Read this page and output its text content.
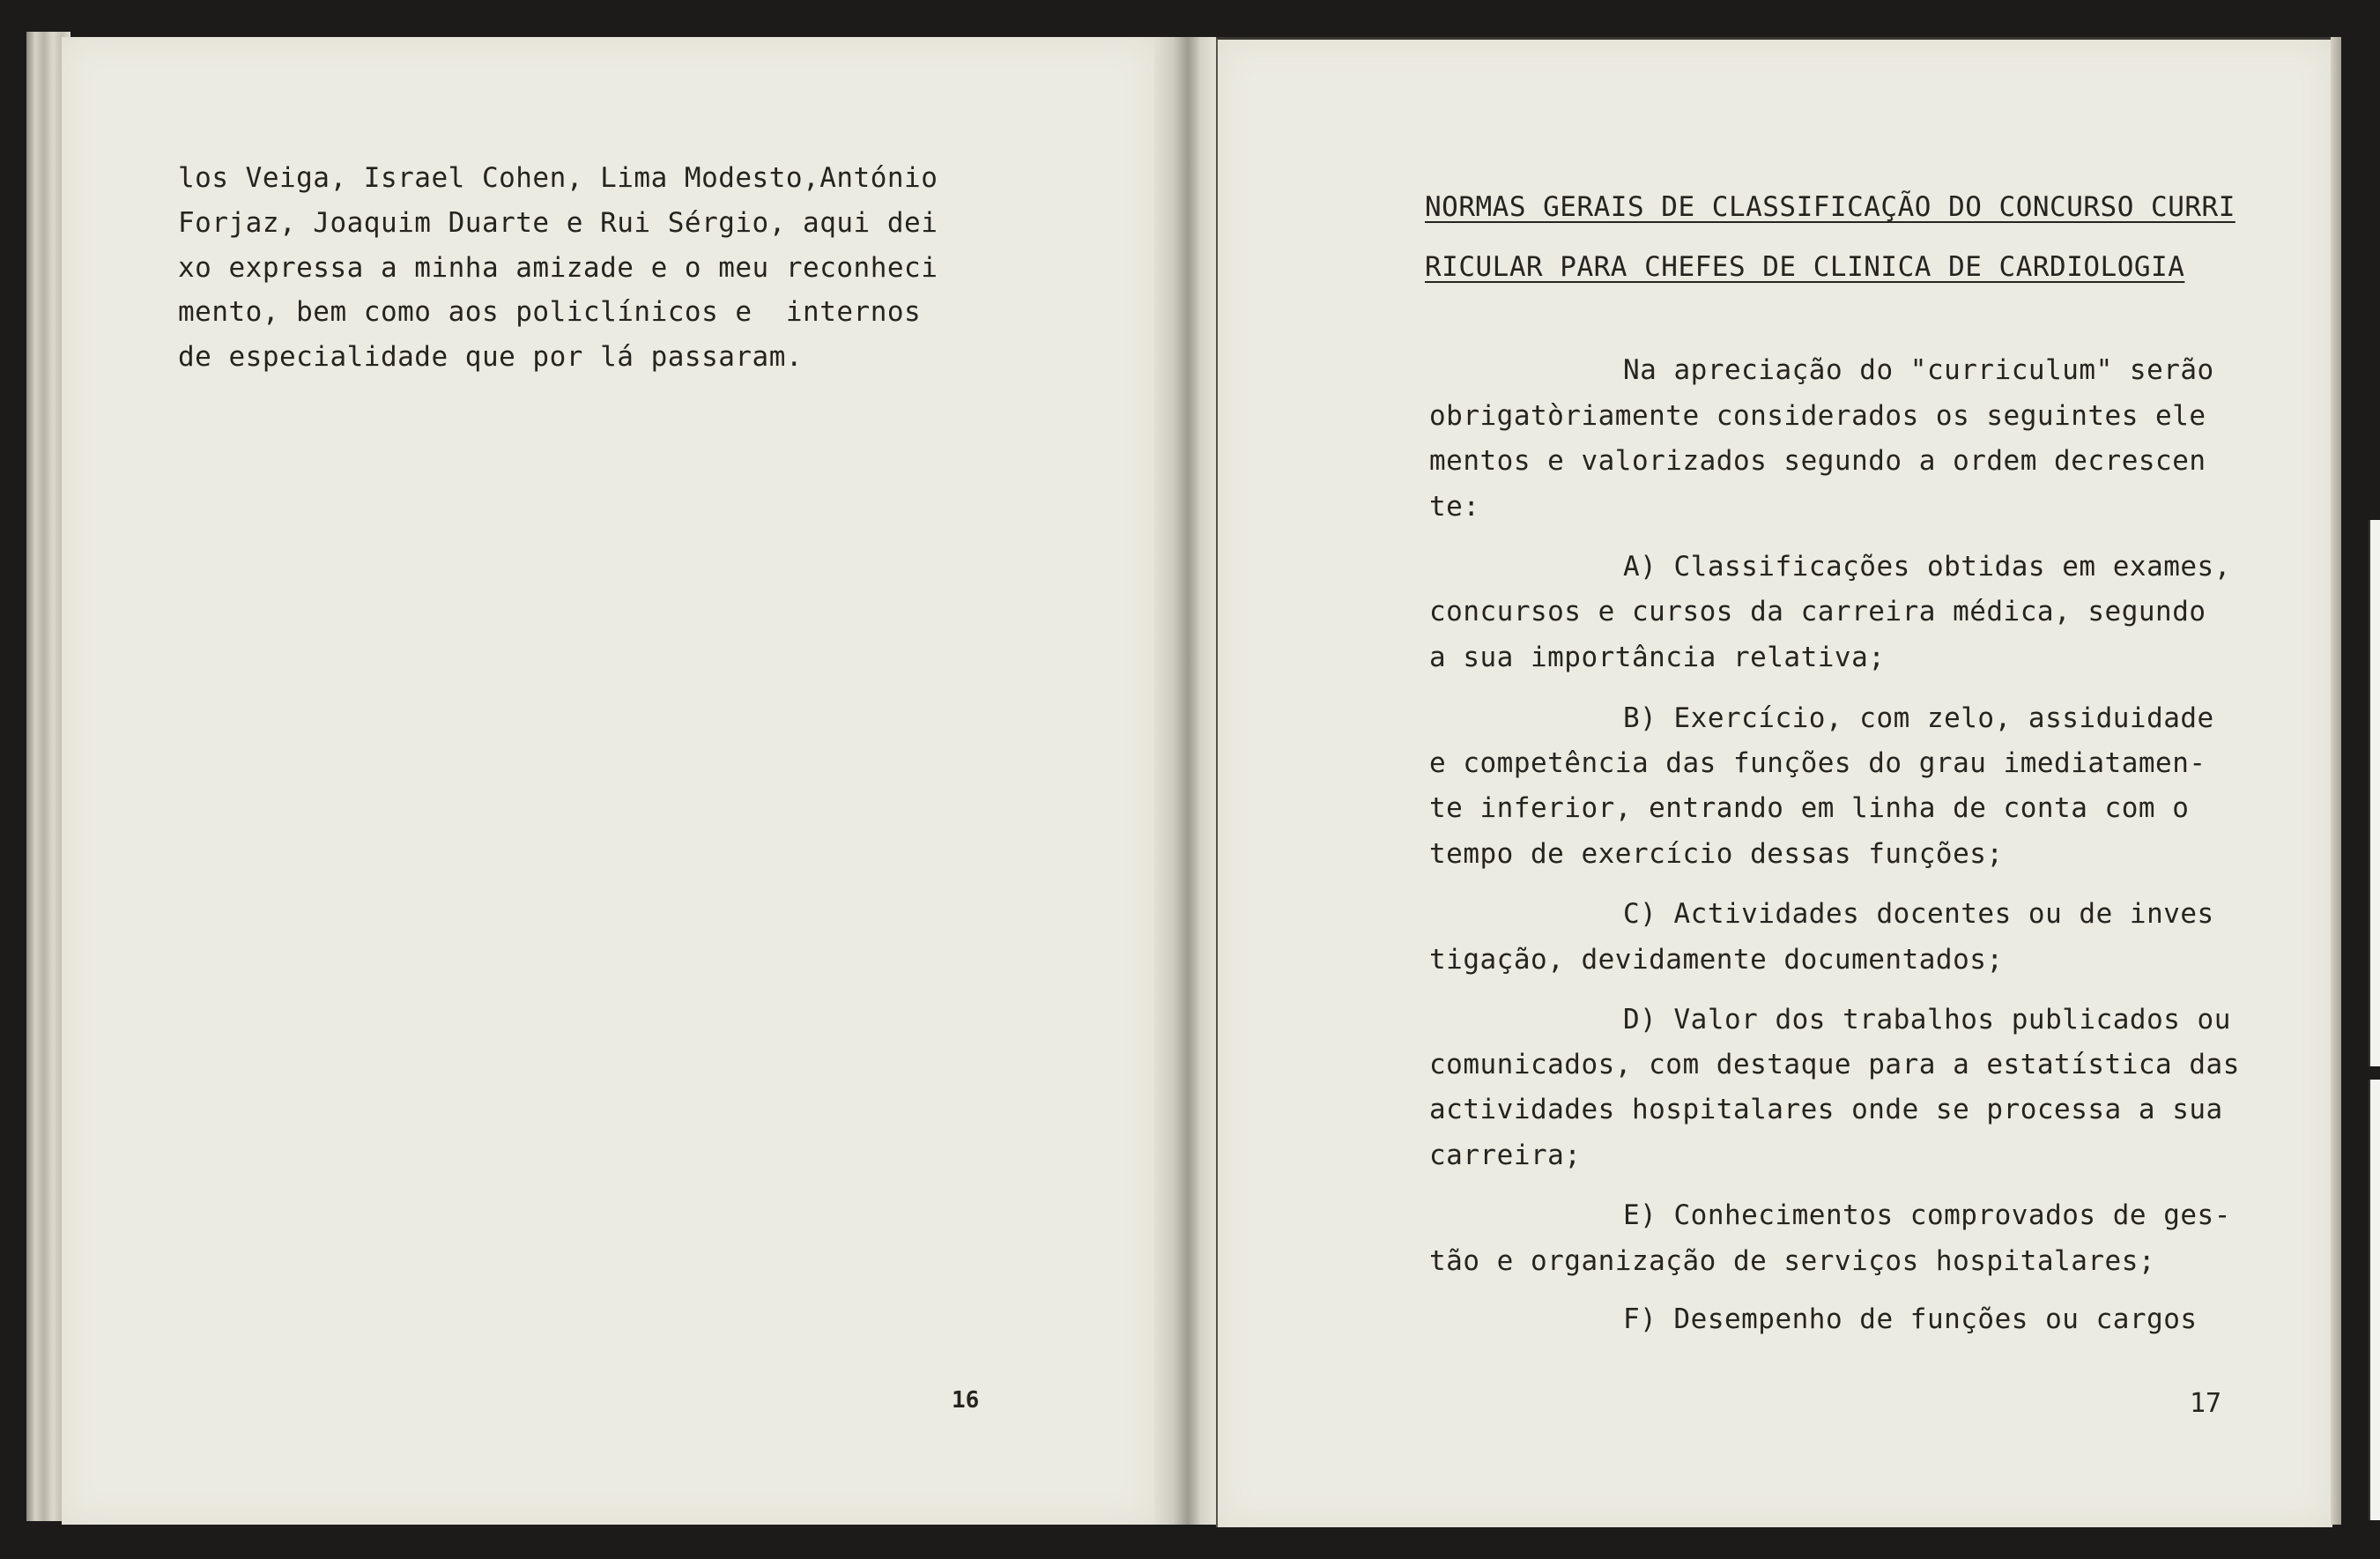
los Veiga, Israel Cohen, Lima Modesto,António
Forjaz, Joaquim Duarte e Rui Sérgio, aqui dei
xo expressa a minha amizade e o meu reconheci
mento, bem como aos policlínicos e  internos
de especialidade que por lá passaram.
16
NORMAS GERAIS DE CLASSIFICAÇÃO DO CONCURSO CURRI
RICULAR PARA CHEFES DE CLINICA DE CARDIOLOGIA
Na apreciação do "curriculum" serão
obrigatòriamente considerados os seguintes ele
mentos e valorizados segundo a ordem decrescen
te:
A) Classificações obtidas em exames,
concursos e cursos da carreira médica, segundo
a sua importância relativa;
B) Exercício, com zelo, assiduidade
e competência das funções do grau imediatamen-
te inferior, entrando em linha de conta com o
tempo de exercício dessas funções;
C) Actividades docentes ou de inves
tigação, devidamente documentados;
D) Valor dos trabalhos publicados ou
comunicados, com destaque para a estatística das
actividades hospitalares onde se processa a sua
carreira;
E) Conhecimentos comprovados de ges-
tão e organização de serviços hospitalares;
F) Desempenho de funções ou cargos
17
